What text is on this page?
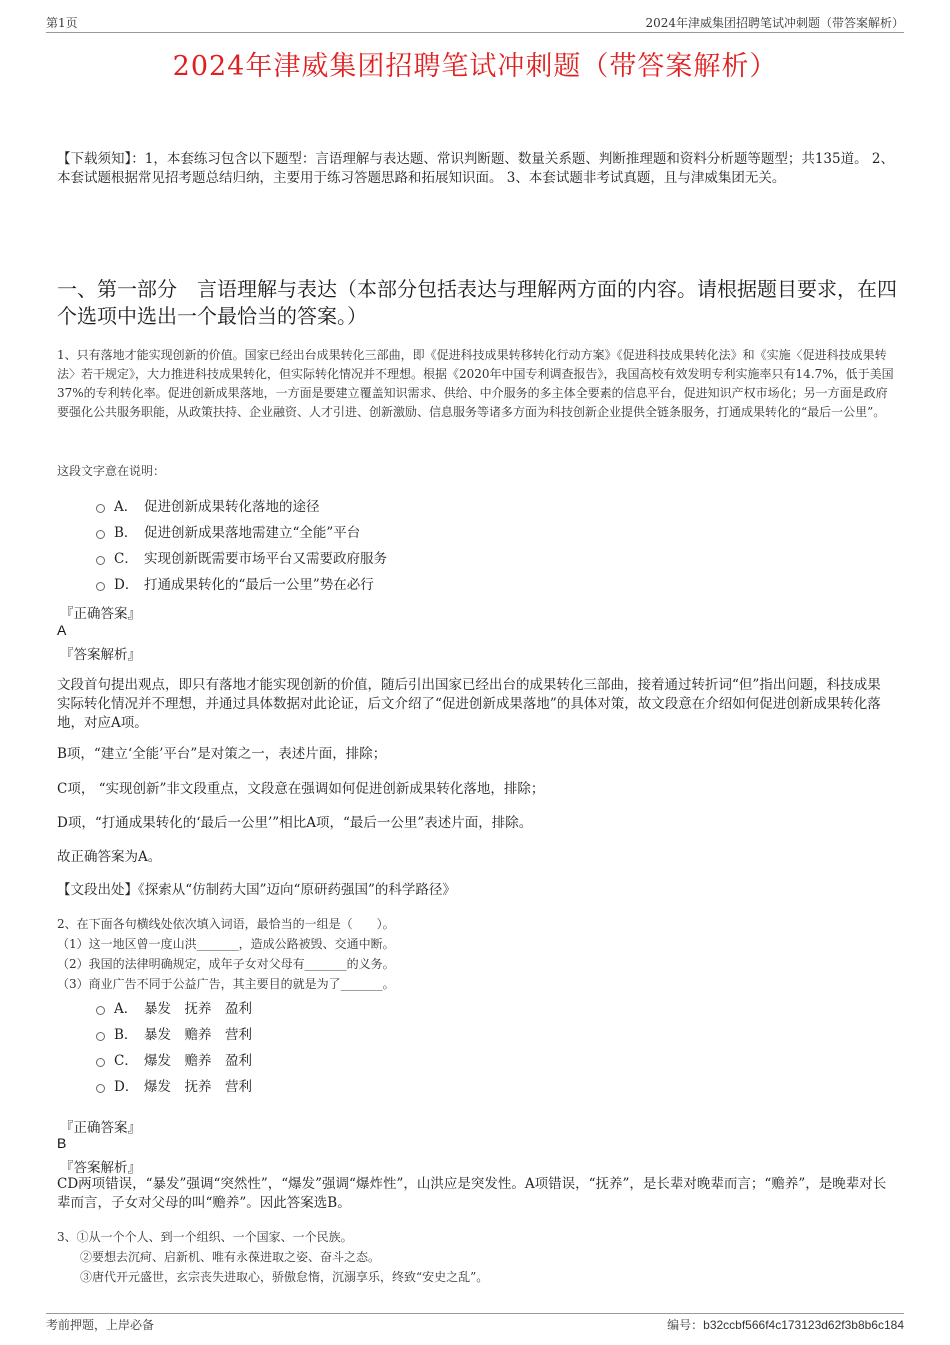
第1页	2024年津威集团招聘笔试冲刺题（带答案解析）
2024年津威集团招聘笔试冲刺题（带答案解析）
【下载须知】：1，本套练习包含以下题型：言语理解与表达题、常识判断题、数量关系题、判断推理题和资料分析题等题型；共135道。 2、本套试题根据常见招考题总结归纳，主要用于练习答题思路和拓展知识面。 3、本套试题非考试真题，且与津威集团无关。
一、第一部分　言语理解与表达（本部分包括表达与理解两方面的内容。请根据题目要求，在四个选项中选出一个最恰当的答案。）
1、只有落地才能实现创新的价值。国家已经出台成果转化三部曲，即《促进科技成果转移转化行动方案》《促进科技成果转化法》和《实施〈促进科技成果转法〉若干规定》，大力推进科技成果转化，但实际转化情况并不理想。根据《2020年中国专利调查报告》，我国高校有效发明专利实施率只有14.7%，低于美国37%的专利转化率。促进创新成果落地，一方面是要建立覆盖知识需求、供给、中介服务的多主体全要素的信息平台，促进知识产权市场化；另一方面是政府要强化公共服务职能，从政策扶持、企业融资、人才引进、创新激励、信息服务等诸多方面为科技创新企业提供全链条服务，打通成果转化的“最后一公里”。
这段文字意在说明：
A． 促进创新成果转化落地的途径
B． 促进创新成果落地需建立“全能”平台
C． 实现创新既需要市场平台又需要政府服务
D． 打通成果转化的“最后一公里”势在必行
『正确答案』
A
『答案解析』
文段首句提出观点，即只有落地才能实现创新的价值，随后引出国家已经出台的成果转化三部曲，接着通过转折词“但”指出问题，科技成果实际转化情况并不理想，并通过具体数据对此论证，后文介绍了“促进创新成果落地”的具体对策，故文段意在介绍如何促进创新成果转化落地，对应A项。
B项，“建立‘全能’平台”是对策之一，表述片面，排除；
C项， “实现创新”非文段重点，文段意在强调如何促进创新成果转化落地，排除；
D项，“打通成果转化的‘最后一公里’”相比A项，“最后一公里”表述片面，排除。
故正确答案为A。
【文段出处】《探索从“仿制药大国”迈向“原研药强国”的科学路径》
2、在下面各句横线处依次填入词语，最恰当的一组是（　　）。
（1）这一地区曾一度山洪_______，造成公路被毁、交通中断。
（2）我国的法律明确规定，成年子女对父母有_______的义务。
（3）商业广告不同于公益广告，其主要目的就是为了_______。
A． 暴发　抚养　盈利
B． 暴发　赡养　营利
C． 爆发　赡养　盈利
D． 爆发　抚养　营利
『正确答案』
B
『答案解析』
CD两项错误，“暴发”强调“突然性”，“爆发”强调“爆炸性”，山洪应是突发性。A项错误，“抚养”，是长辈对晚辈而言；“赡养”，是晚辈对长辈而言，子女对父母的叫“赡养”。因此答案选B。
3、①从一个个人、到一个组织、一个国家、一个民族。
②要想去沉疴、启新机、唯有永葆进取之姿、奋斗之态。
③唐代开元盛世，玄宗丧失进取心，骄傲怠惰，沉溺享乐，终致“安史之乱”。
考前押题，上岸必备	编号：b32ccbf566f4c173123d62f3b8b6c184
